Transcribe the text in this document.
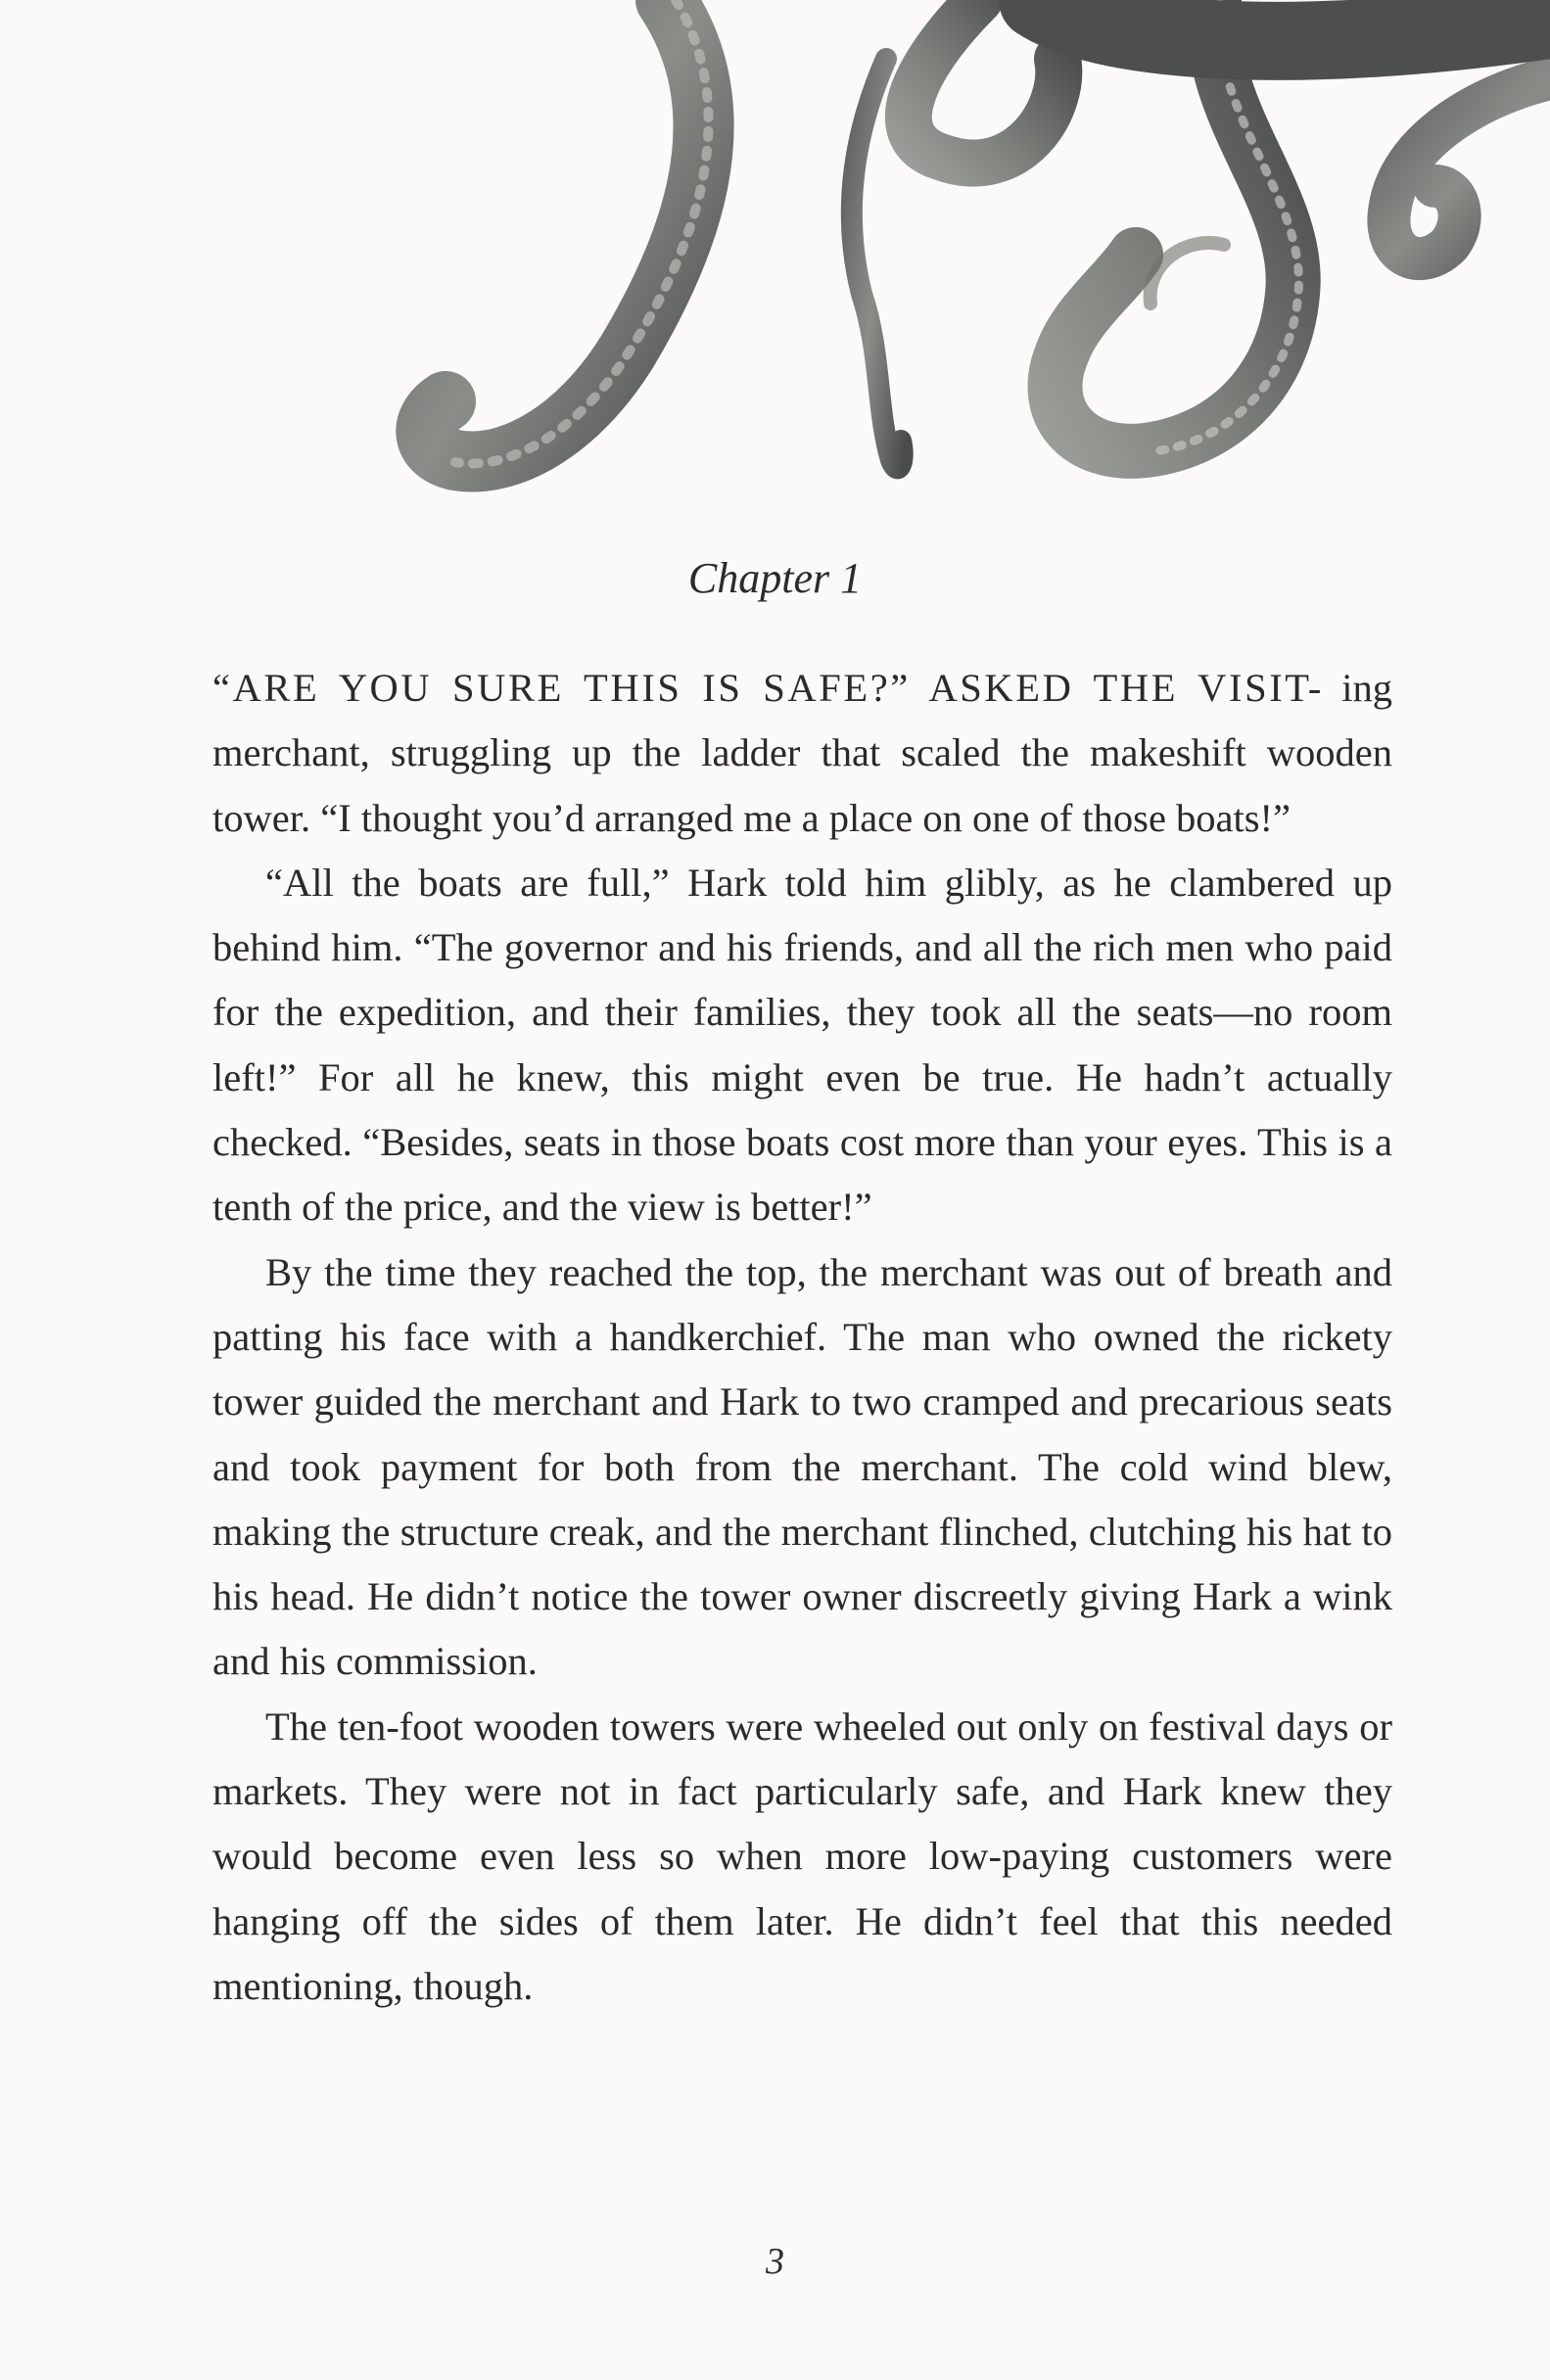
Chapter 1

“ARE YOU SURE THIS IS SAFE?” ASKED THE VISIT- ing merchant, struggling up the ladder that scaled the makeshift wooden tower. “I thought you’d arranged me a place on one of those boats!”

“All the boats are full,” Hark told him glibly, as he clambered up behind him. “The governor and his friends, and all the rich men who paid for the expedition, and their families, they took all the seats—no room left!” For all he knew, this might even be true. He hadn’t actually checked. “Besides, seats in those boats cost more than your eyes. This is a tenth of the price, and the view is better!”

By the time they reached the top, the merchant was out of breath and patting his face with a handkerchief. The man who owned the rickety tower guided the merchant and Hark to two cramped and precarious seats and took payment for both from the merchant. The cold wind blew, making the structure creak, and the merchant flinched, clutching his hat to his head. He didn’t notice the tower owner discreetly giving Hark a wink and his commission.

The ten-foot wooden towers were wheeled out only on festival days or markets. They were not in fact particularly safe, and Hark knew they would become even less so when more low-paying customers were hanging off the sides of them later. He didn’t feel that this needed mentioning, though.

3
